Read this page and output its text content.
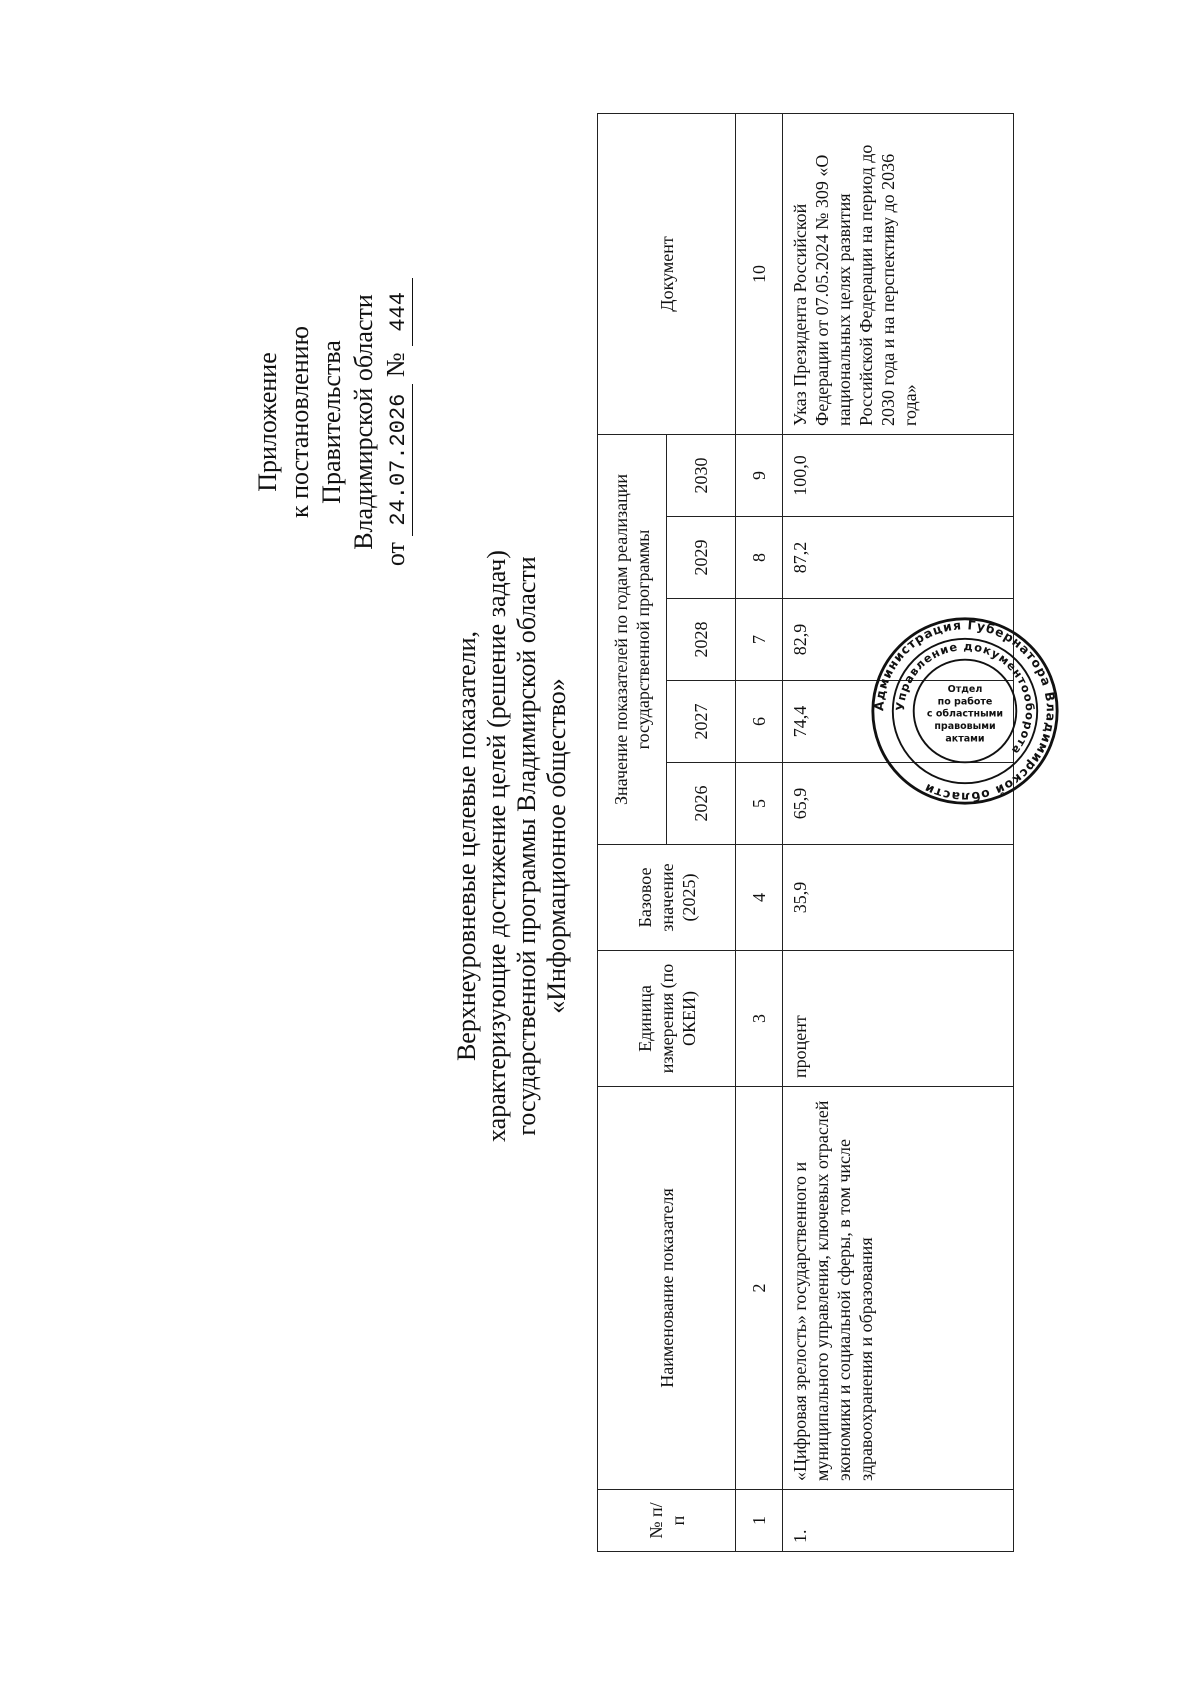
Приложение к постановлению Правительства Владимирской области
от 24.07.2026 № 444
Верхнеуровневые целевые показатели, характеризующие достижение целей (решение задач) государственной программы Владимирской области «Информационное общество»
№ п/п	Наименование показателя	Единица измерения (по ОКЕИ)	Базовое значение (2025)	Значение показателей по годам реализации государственной программы					Документ
				2026	2027	2028	2029	2030	
1	2	3	4	5	6	7	8	9	10
1.	«Цифровая зрелость» государственного и муниципального управления, ключевых отраслей экономики и социальной сферы, в том числе здравоохранения и образования	процент	35,9	65,9	74,4	82,9	87,2	100,0	Указ Президента Российской Федерации от 07.05.2024 № 309 «О национальных целях развития Российской Федерации на период до 2030 года и на перспективу до 2036 года»
Администрация Губернатора Владимирской области
Управление документооборота
Отдел
по работе
с областными
правовыми
актами
